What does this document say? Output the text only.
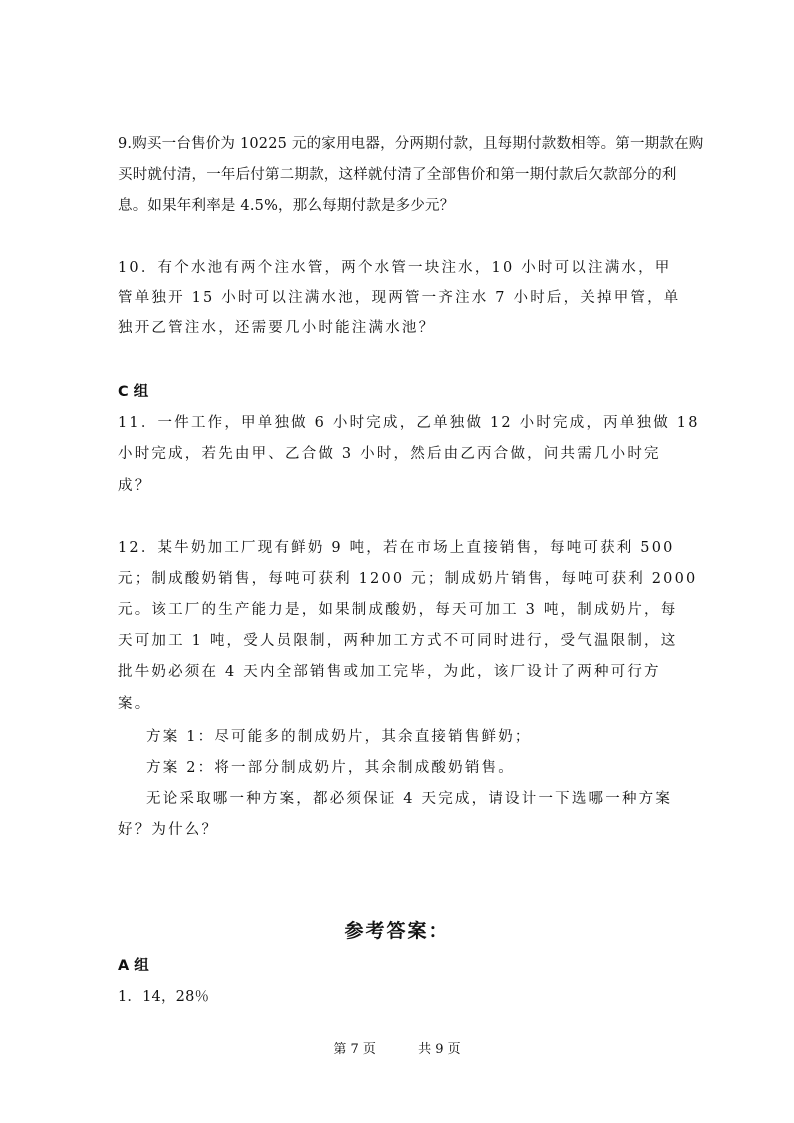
9.购买一台售价为 10225 元的家用电器，分两期付款，且每期付款数相等。第一期款在购
买时就付清，一年后付第二期款，这样就付清了全部售价和第一期付款后欠款部分的利
息。如果年利率是 4.5%，那么每期付款是多少元？
10．有个水池有两个注水管，两个水管一块注水，10 小时可以注满水，甲
管单独开 15 小时可以注满水池，现两管一齐注水 7 小时后，关掉甲管，单
独开乙管注水，还需要几小时能注满水池？
C 组
11．一件工作，甲单独做 6 小时完成，乙单独做 12 小时完成，丙单独做 18
小时完成，若先由甲、乙合做 3 小时，然后由乙丙合做，问共需几小时完
成？
12．某牛奶加工厂现有鲜奶 9 吨，若在市场上直接销售，每吨可获利 500
元；制成酸奶销售，每吨可获利 1200 元；制成奶片销售，每吨可获利 2000
元。该工厂的生产能力是，如果制成酸奶，每天可加工 3 吨，制成奶片，每
天可加工 1 吨，受人员限制，两种加工方式不可同时进行，受气温限制，这
批牛奶必须在 4 天内全部销售或加工完毕，为此，该厂设计了两种可行方
案。
方案 1：尽可能多的制成奶片，其余直接销售鲜奶；
方案 2：将一部分制成奶片，其余制成酸奶销售。
无论采取哪一种方案，都必须保证 4 天完成，请设计一下选哪一种方案
好？为什么？
参考答案：
A 组
1．14，28％
第 7 页	共 9 页
